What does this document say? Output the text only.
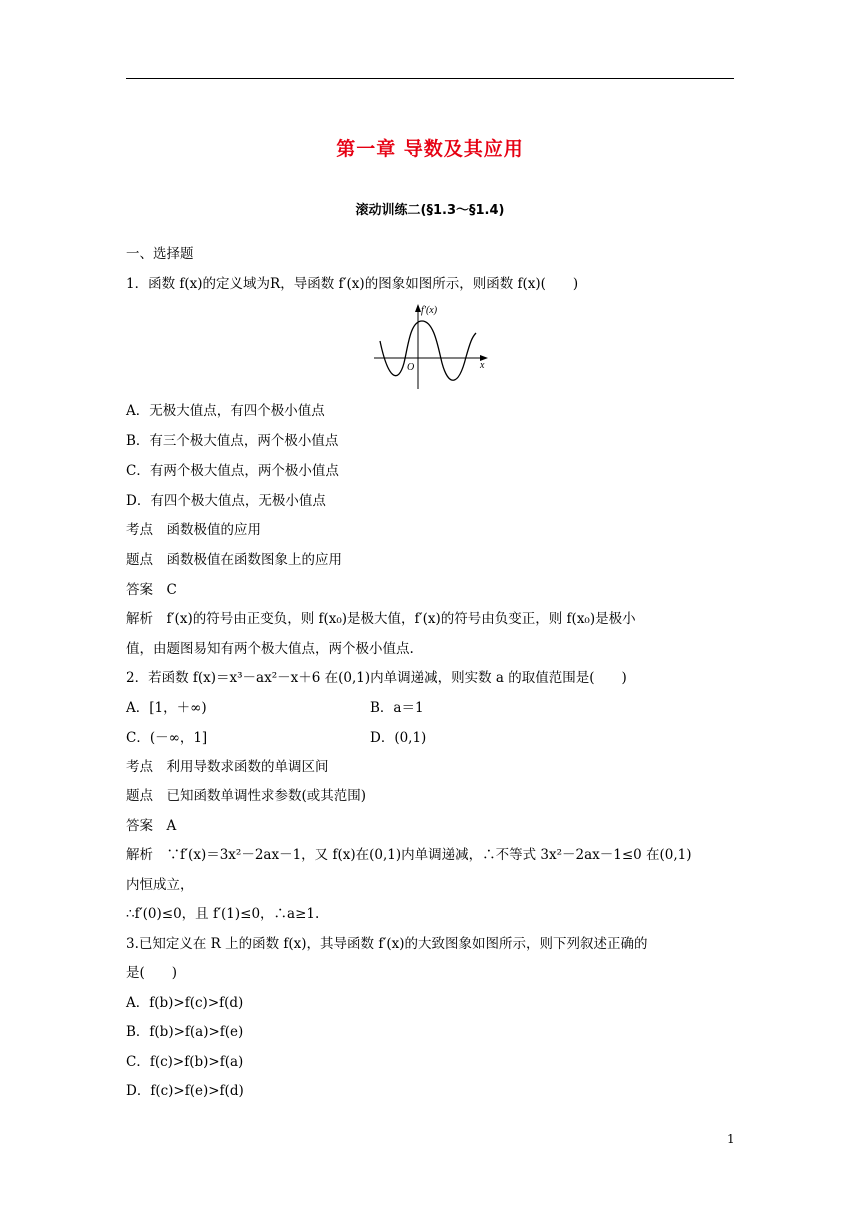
第一章 导数及其应用
滚动训练二(§1.3～§1.4)
一、选择题
1．函数 f(x)的定义域为R，导函数 f′(x)的图象如图所示，则函数 f(x)(　　)
f′(x)
O	x
A．无极大值点，有四个极小值点
B．有三个极大值点，两个极小值点
C．有两个极大值点，两个极小值点
D．有四个极大值点，无极小值点
考点　函数极值的应用
题点　函数极值在函数图象上的应用
答案　C
解析　f′(x)的符号由正变负，则 f(x₀)是极大值，f′(x)的符号由负变正，则 f(x₀)是极小
值，由题图易知有两个极大值点，两个极小值点.
2．若函数 f(x)＝x³－ax²－x＋6 在(0,1)内单调递减，则实数 a 的取值范围是(　　)
A．[1，＋∞)	B．a＝1
C．(－∞，1]	D．(0,1)
考点　利用导数求函数的单调区间
题点　已知函数单调性求参数(或其范围)
答案　A
解析　∵f′(x)＝3x²－2ax－1，又 f(x)在(0,1)内单调递减，∴不等式 3x²－2ax－1≤0 在(0,1)
内恒成立，
∴f′(0)≤0，且 f′(1)≤0，∴a≥1.
3.已知定义在 R 上的函数 f(x)，其导函数 f′(x)的大致图象如图所示，则下列叙述正确的
是(　　)
A．f(b)>f(c)>f(d)
B．f(b)>f(a)>f(e)
C．f(c)>f(b)>f(a)
D．f(c)>f(e)>f(d)
1
